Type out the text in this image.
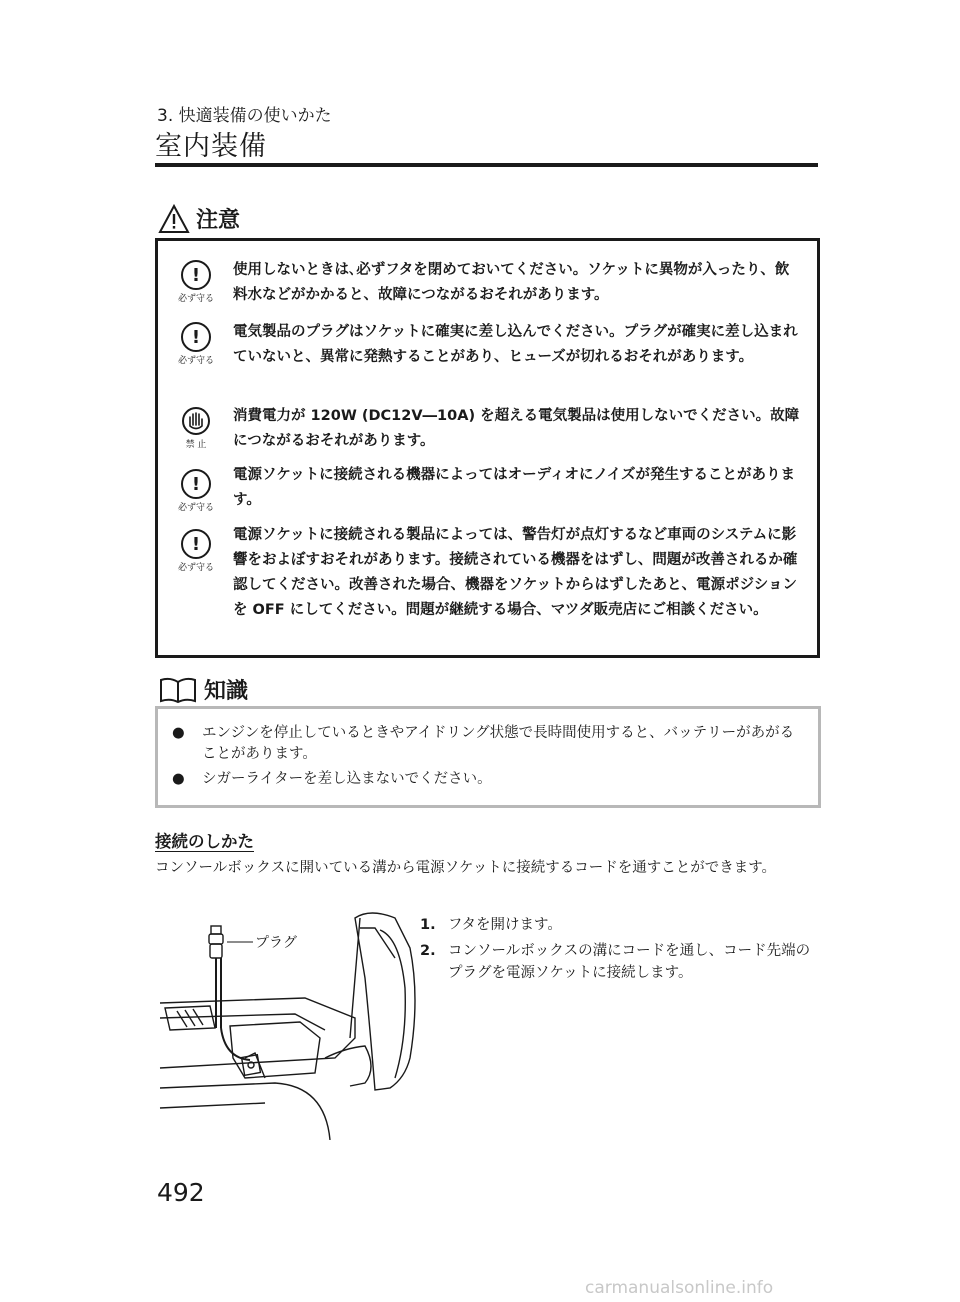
3. 快適装備の使いかた
室内装備
注意
!
必ず守る
使用しないときは､必ずフタを閉めておいてください。ソケットに異物が入ったり、飲料水などがかかると、故障につながるおそれがあります。
!
必ず守る
電気製品のプラグはソケットに確実に差し込んでください。プラグが確実に差し込まれていないと、異常に発熱することがあり、ヒューズが切れるおそれがあります。
禁 止
消費電力が 120W (DC12V―10A) を超える電気製品は使用しないでください。故障につながるおそれがあります。
!
必ず守る
電源ソケットに接続される機器によってはオーディオにノイズが発生することがあります。
!
必ず守る
電源ソケットに接続される製品によっては、警告灯が点灯するなど車両のシステムに影響をおよぼすおそれがあります。接続されている機器をはずし、問題が改善されるか確認してください。改善された場合、機器をソケットからはずしたあと、電源ポジションを OFF にしてください。問題が継続する場合、マツダ販売店にご相談ください。
知識
● エンジンを停止しているときやアイドリング状態で長時間使用すると、バッテリーがあがることがあります。
● シガーライターを差し込まないでください。
接続のしかた
コンソールボックスに開いている溝から電源ソケットに接続するコードを通すことができます。
プラグ
1. フタを開けます。
2. コンソールボックスの溝にコードを通し、コード先端のプラグを電源ソケットに接続します。
492
carmanualsonline.info
